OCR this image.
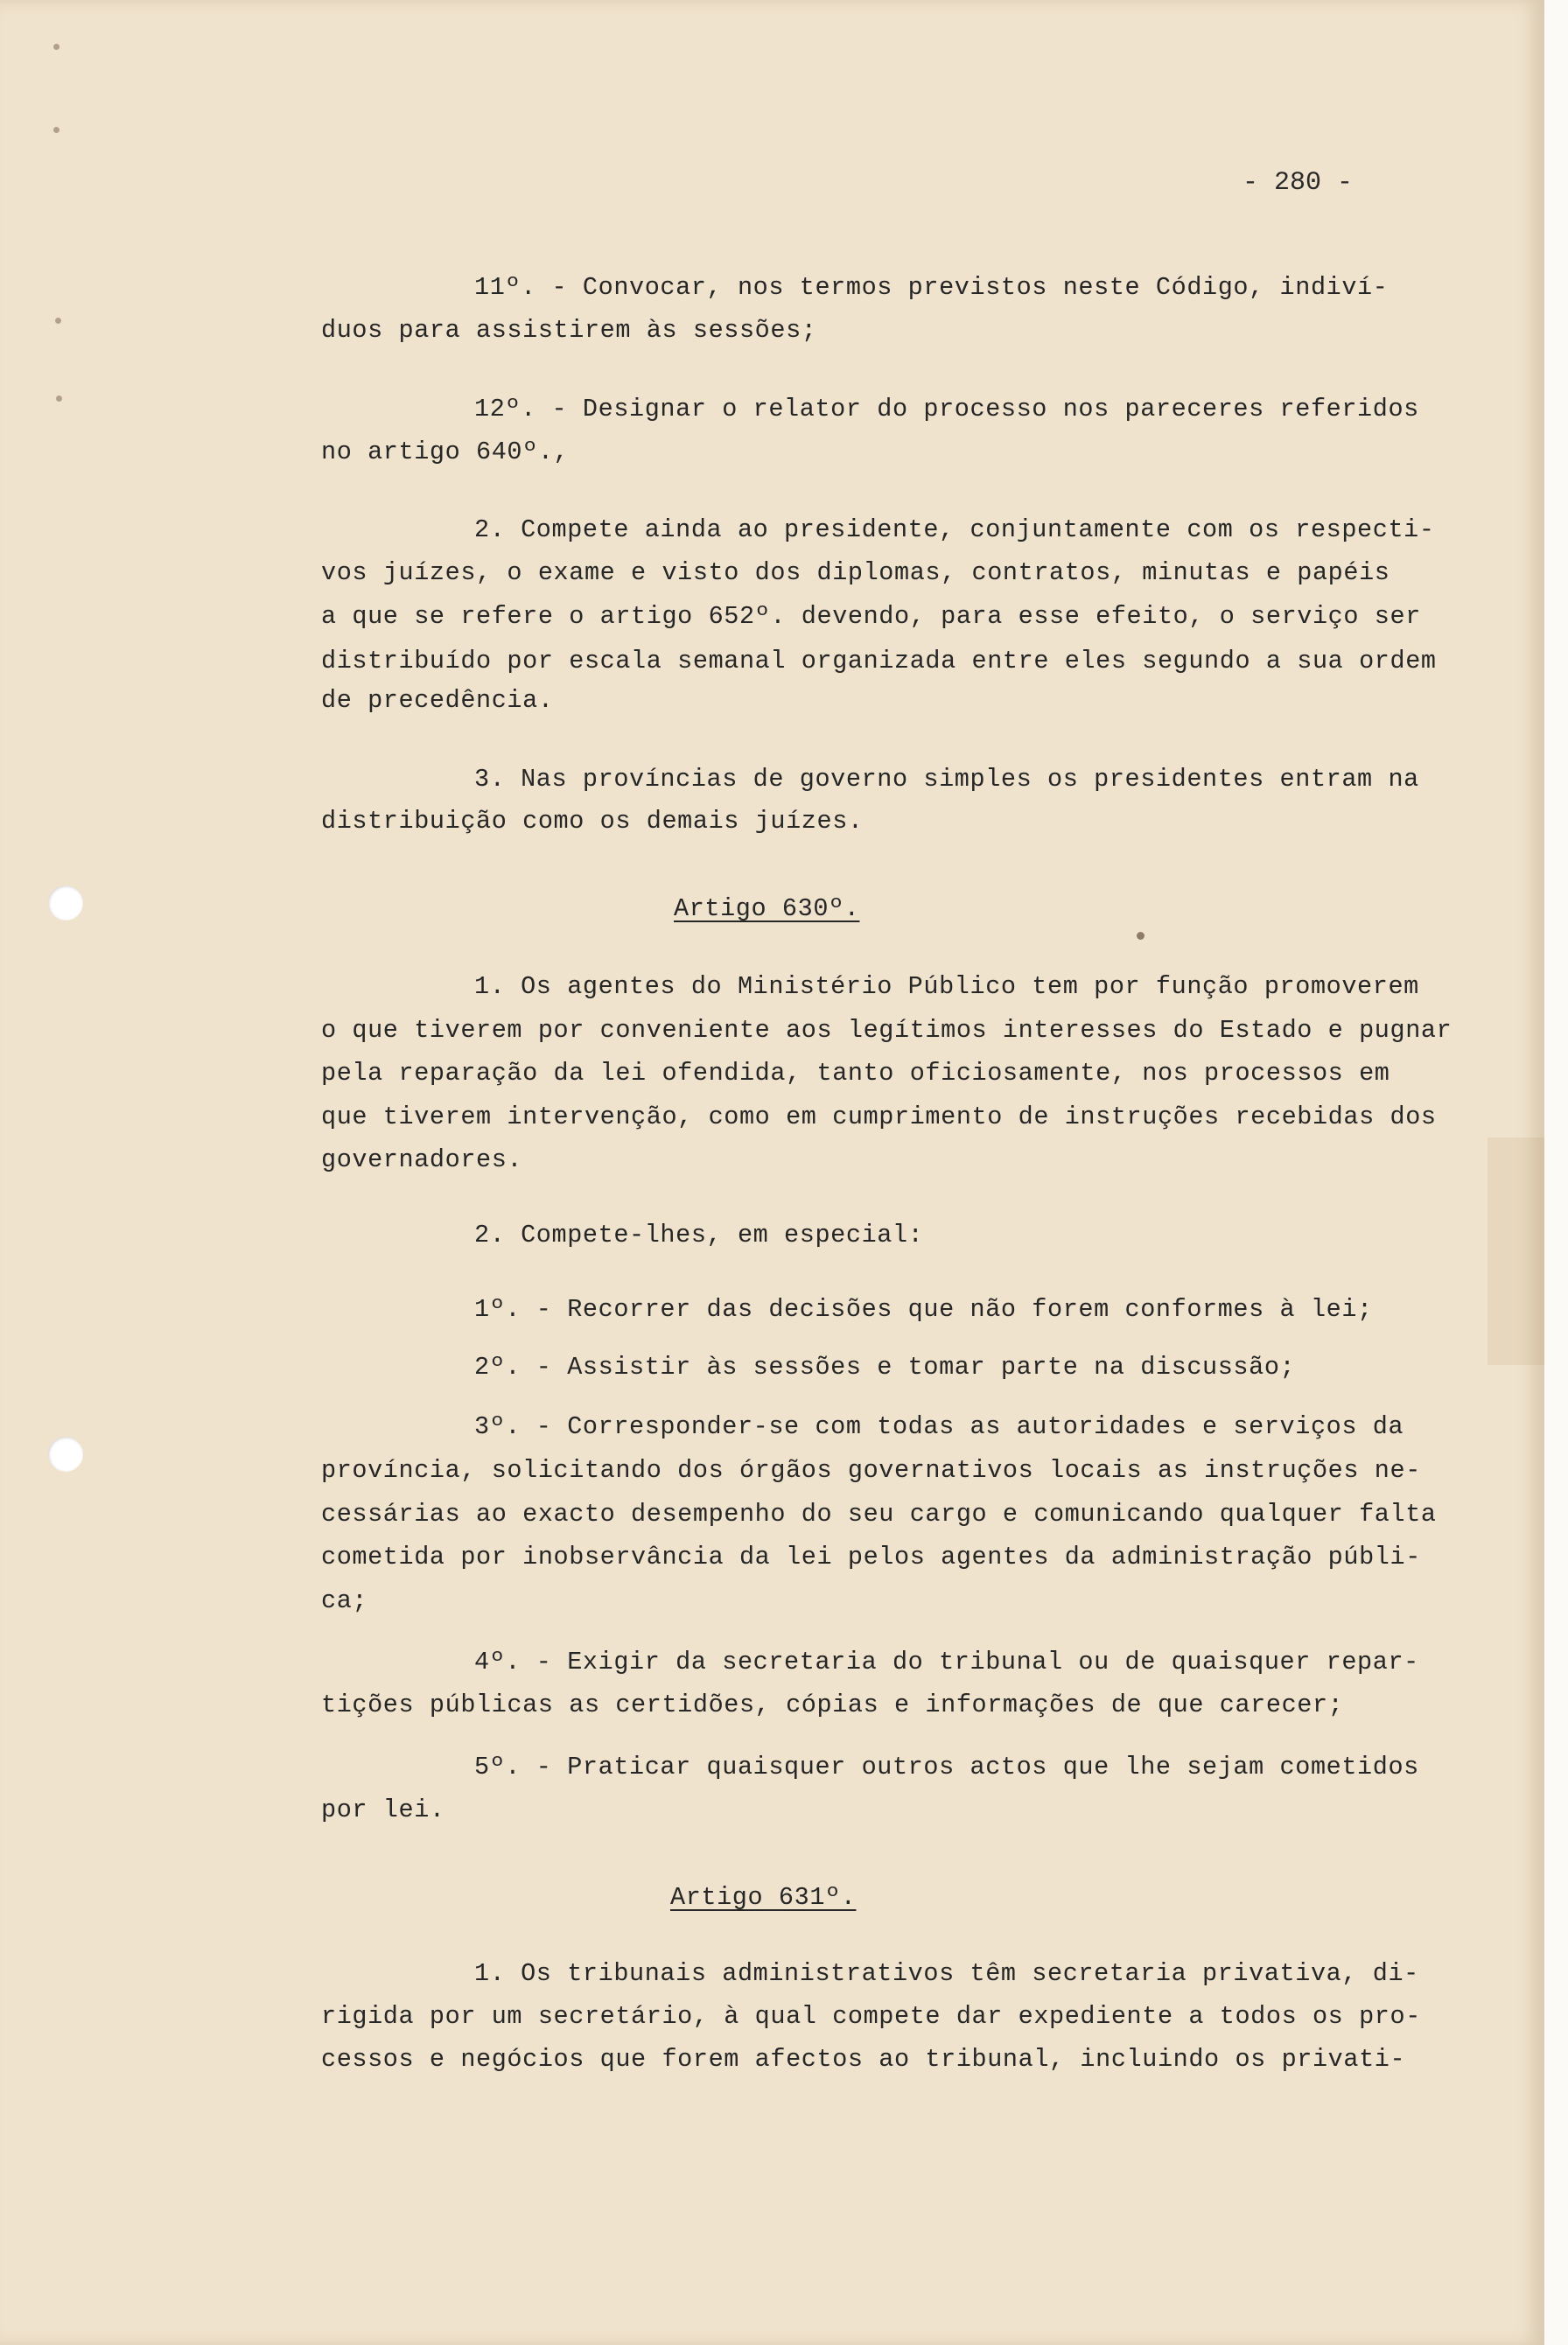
- 280 -

11º. - Convocar, nos termos previstos neste Código, indiví-

duos para assistirem às sessões;

12º. - Designar o relator do processo nos pareceres referidos

no artigo 640º.,

2. Compete ainda ao presidente, conjuntamente com os respecti-

vos juízes, o exame e visto dos diplomas, contratos, minutas e papéis

a que se refere o artigo 652º. devendo, para esse efeito, o serviço ser

distribuído por escala semanal organizada entre eles segundo a sua ordem

de precedência.

3. Nas províncias de governo simples os presidentes entram na

distribuição como os demais juízes.

Artigo 630º.

1. Os agentes do Ministério Público tem por função promoverem

o que tiverem por conveniente aos legítimos interesses do Estado e pugnar

pela reparação da lei ofendida, tanto oficiosamente, nos processos em

que tiverem intervenção, como em cumprimento de instruções recebidas dos

governadores.

2. Compete-lhes, em especial:

1º. - Recorrer das decisões que não forem conformes à lei;

2º. - Assistir às sessões e tomar parte na discussão;

3º. - Corresponder-se com todas as autoridades e serviços da

província, solicitando dos órgãos governativos locais as instruções ne-

cessárias ao exacto desempenho do seu cargo e comunicando qualquer falta

cometida por inobservância da lei pelos agentes da administração públi-

ca;

4º. - Exigir da secretaria do tribunal ou de quaisquer repar-

tições públicas as certidões, cópias e informações de que carecer;

5º. - Praticar quaisquer outros actos que lhe sejam cometidos

por lei.

Artigo 631º.

1. Os tribunais administrativos têm secretaria privativa, di-

rigida por um secretário, à qual compete dar expediente a todos os pro-

cessos e negócios que forem afectos ao tribunal, incluindo os privati-
